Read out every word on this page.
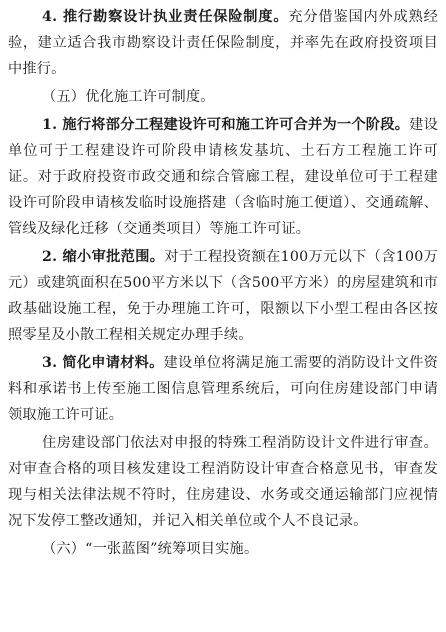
4. 推行勘察设计执业责任保险制度。充分借鉴国内外成熟经验，建立适合我市勘察设计责任保险制度，并率先在政府投资项目中推行。

（五）优化施工许可制度。

1. 施行将部分工程建设许可和施工许可合并为一个阶段。建设单位可于工程建设许可阶段申请核发基坑、土石方工程施工许可证。对于政府投资市政交通和综合管廊工程，建设单位可于工程建设许可阶段申请核发临时设施搭建（含临时施工便道）、交通疏解、管线及绿化迁移（交通类项目）等施工许可证。

2. 缩小审批范围。对于工程投资额在100万元以下（含100万元）或建筑面积在500平方米以下（含500平方米）的房屋建筑和市政基础设施工程，免于办理施工许可，限额以下小型工程由各区按照零星及小散工程相关规定办理手续。

3. 简化申请材料。建设单位将满足施工需要的消防设计文件资料和承诺书上传至施工图信息管理系统后，可向住房建设部门申请领取施工许可证。

住房建设部门依法对申报的特殊工程消防设计文件进行审查。对审查合格的项目核发建设工程消防设计审查合格意见书，审查发现与相关法律法规不符时，住房建设、水务或交通运输部门应视情况下发停工整改通知，并记入相关单位或个人不良记录。

（六）“一张蓝图”统筹项目实施。
